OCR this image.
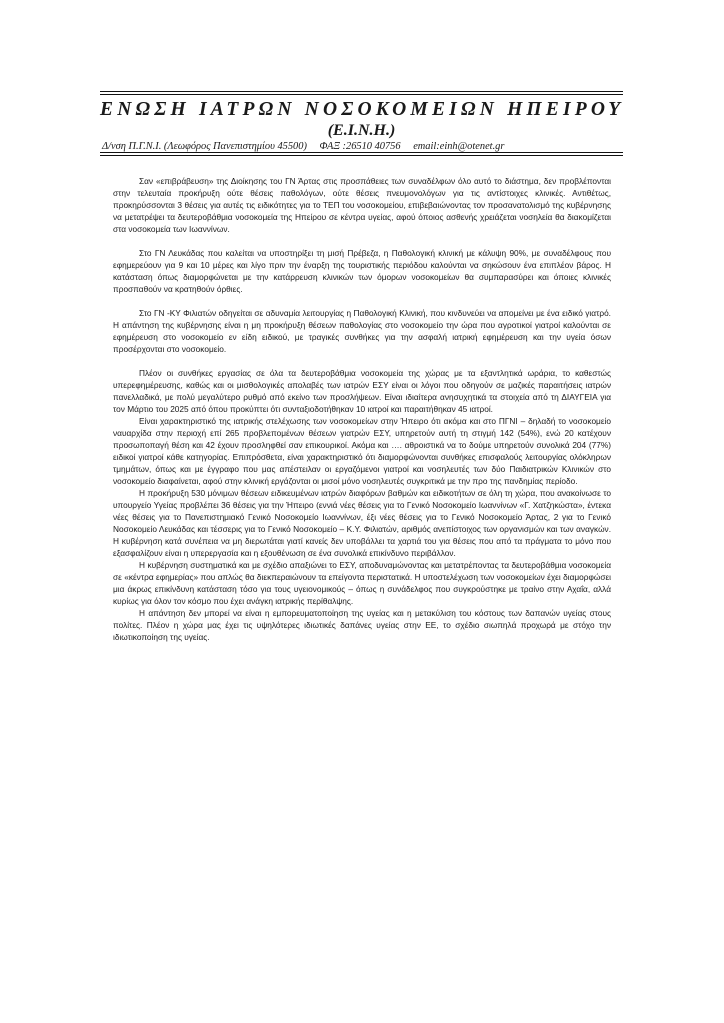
ΕΝΩΣΗ ΙΑΤΡΩΝ ΝΟΣΟΚΟΜΕΙΩΝ ΗΠΕΙΡΟΥ
(Ε.Ι.Ν.Η.)
Δ/νση Π.Γ.Ν.Ι. (Λεωφόρος Πανεπιστημίου 45500) ΦΑΞ :26510 40756 email:einh@otenet.gr

Σαν «επιβράβευση» της Διοίκησης του ΓΝ Άρτας στις προσπάθειες των συναδέλφων όλο αυτό το διάστημα, δεν προβλέπονται στην τελευταία προκήρυξη ούτε θέσεις παθολόγων, ούτε θέσεις πνευμονολόγων για τις αντίστοιχες κλινικές. Αντιθέτως, προκηρύσσονται 3 θέσεις για αυτές τις ειδικότητες για το ΤΕΠ του νοσοκομείου, επιβεβαιώνοντας τον προσανατολισμό της κυβέρνησης να μετατρέψει τα δευτεροβάθμια νοσοκομεία της Ηπείρου σε κέντρα υγείας, αφού όποιος ασθενής χρειάζεται νοσηλεία θα διακομίζεται στα νοσοκομεία των Ιωαννίνων.

Στο ΓΝ Λευκάδας που καλείται να υποστηρίξει τη μισή Πρέβεζα, η Παθολογική κλινική με κάλυψη 90%, με συναδέλφους που εφημερεύουν για 9 και 10 μέρες και λίγο πριν την έναρξη της τουριστικής περιόδου καλούνται να σηκώσουν ένα επιπλέον βάρος. Η κατάσταση όπως διαμορφώνεται με την κατάρρευση κλινικών των όμορων νοσοκομείων θα συμπαρασύρει και όποιες κλινικές προσπαθούν να κρατηθούν όρθιες.

Στο ΓΝ -ΚΥ Φιλιατών οδηγείται σε αδυναμία λειτουργίας η Παθολογική Κλινική, που κινδυνεύει να απομείνει με ένα ειδικό γιατρό. Η απάντηση της κυβέρνησης είναι η μη προκήρυξη θέσεων παθολογίας στο νοσοκομείο την ώρα που αγροτικοί γιατροί καλούνται σε εφημέρευση στο νοσοκομείο εν είδη ειδικού, με τραγικές συνθήκες για την ασφαλή ιατρική εφημέρευση και την υγεία όσων προσέρχονται στο νοσοκομείο.

Πλέον οι συνθήκες εργασίας σε όλα τα δευτεροβάθμια νοσοκομεία της χώρας με τα εξαντλητικά ωράρια, το καθεστώς υπερεφημέρευσης, καθώς και οι μισθολογικές απολαβές των ιατρών ΕΣΥ είναι οι λόγοι που οδηγούν σε μαζικές παραιτήσεις ιατρών πανελλαδικά, με πολύ μεγαλύτερο ρυθμό από εκείνο των προσλήψεων. Είναι ιδιαίτερα ανησυχητικά τα στοιχεία από τη ΔΙΑΥΓΕΙΑ για τον Μάρτιο του 2025 από όπου προκύπτει ότι συνταξιοδοτήθηκαν 10 ιατροί και παραιτήθηκαν 45 ιατροί.

Είναι χαρακτηριστικό της ιατρικής στελέχωσης των νοσοκομείων στην Ήπειρο ότι ακόμα και στο ΠΓΝΙ – δηλαδή το νοσοκομείο ναυαρχίδα στην περιοχή επί 265 προβλεπομένων θέσεων γιατρών ΕΣΥ, υπηρετούν αυτή τη στιγμή 142 (54%), ενώ 20 κατέχουν προσωποπαγή θέση και 42 έχουν προσληφθεί σαν επικουρικοί. Ακόμα και …. αθροιστικά να το δούμε υπηρετούν συνολικά 204 (77%) ειδικοί γιατροί κάθε κατηγορίας. Επιπρόσθετα, είναι χαρακτηριστικό ότι διαμορφώνονται συνθήκες επισφαλούς λειτουργίας ολόκληρων τμημάτων, όπως και με έγγραφο που μας απέστειλαν οι εργαζόμενοι γιατροί και νοσηλευτές των δύο Παιδιατρικών Κλινικών στο νοσοκομείο διαφαίνεται, αφού στην κλινική εργάζονται οι μισοί μόνο νοσηλευτές συγκριτικά με την προ της πανδημίας περίοδο.

Η προκήρυξη 530 μόνιμων θέσεων ειδικευμένων ιατρών διαφόρων βαθμών και ειδικοτήτων σε όλη τη χώρα, που ανακοίνωσε το υπουργείο Υγείας προβλέπει 36 θέσεις για την Ήπειρο (εννιά νέες θέσεις για το Γενικό Νοσοκομείο Ιωαννίνων «Γ. Χατζηκώστα», έντεκα νέες θέσεις για το Πανεπιστημιακό Γενικό Νοσοκομείο Ιωαννίνων, έξι νέες θέσεις για το Γενικό Νοσοκομείο Άρτας, 2 για το Γενικό Νοσοκομείο Λευκάδας και τέσσερις για το Γενικό Νοσοκομείο – Κ.Υ. Φιλιατών, αριθμός ανεπίστοιχος των οργανισμών και των αναγκών. Η κυβέρνηση κατά συνέπεια να μη διερωτάται γιατί κανείς δεν υποβάλλει τα χαρτιά του για θέσεις που από τα πράγματα το μόνο που εξασφαλίζουν είναι η υπερεργασία και η εξουθένωση σε ένα συνολικά επικίνδυνο περιβάλλον.

Η κυβέρνηση συστηματικά και με σχέδιο απαξιώνει το ΕΣΥ, αποδυναμώνοντας και μετατρέποντας τα δευτεροβάθμια νοσοκομεία σε «κέντρα εφημερίας» που απλώς θα διεκπεραιώνουν τα επείγοντα περιστατικά. Η υποστελέχωση των νοσοκομείων έχει διαμορφώσει μια άκρως επικίνδυνη κατάσταση τόσο για τους υγειονομικούς – όπως η συνάδελφος που συγκρούστηκε με τραίνο στην Αχαΐα, αλλά κυρίως για όλον τον κόσμο που έχει ανάγκη ιατρικής περίθαλψης.

Η απάντηση δεν μπορεί να είναι η εμπορευματοποίηση της υγείας και η μετακύλιση του κόστους των δαπανών υγείας στους πολίτες. Πλέον η χώρα μας έχει τις υψηλότερες ιδιωτικές δαπάνες υγείας στην ΕΕ, το σχέδιο σιωπηλά προχωρά με στόχο την ιδιωτικοποίηση της υγείας.
